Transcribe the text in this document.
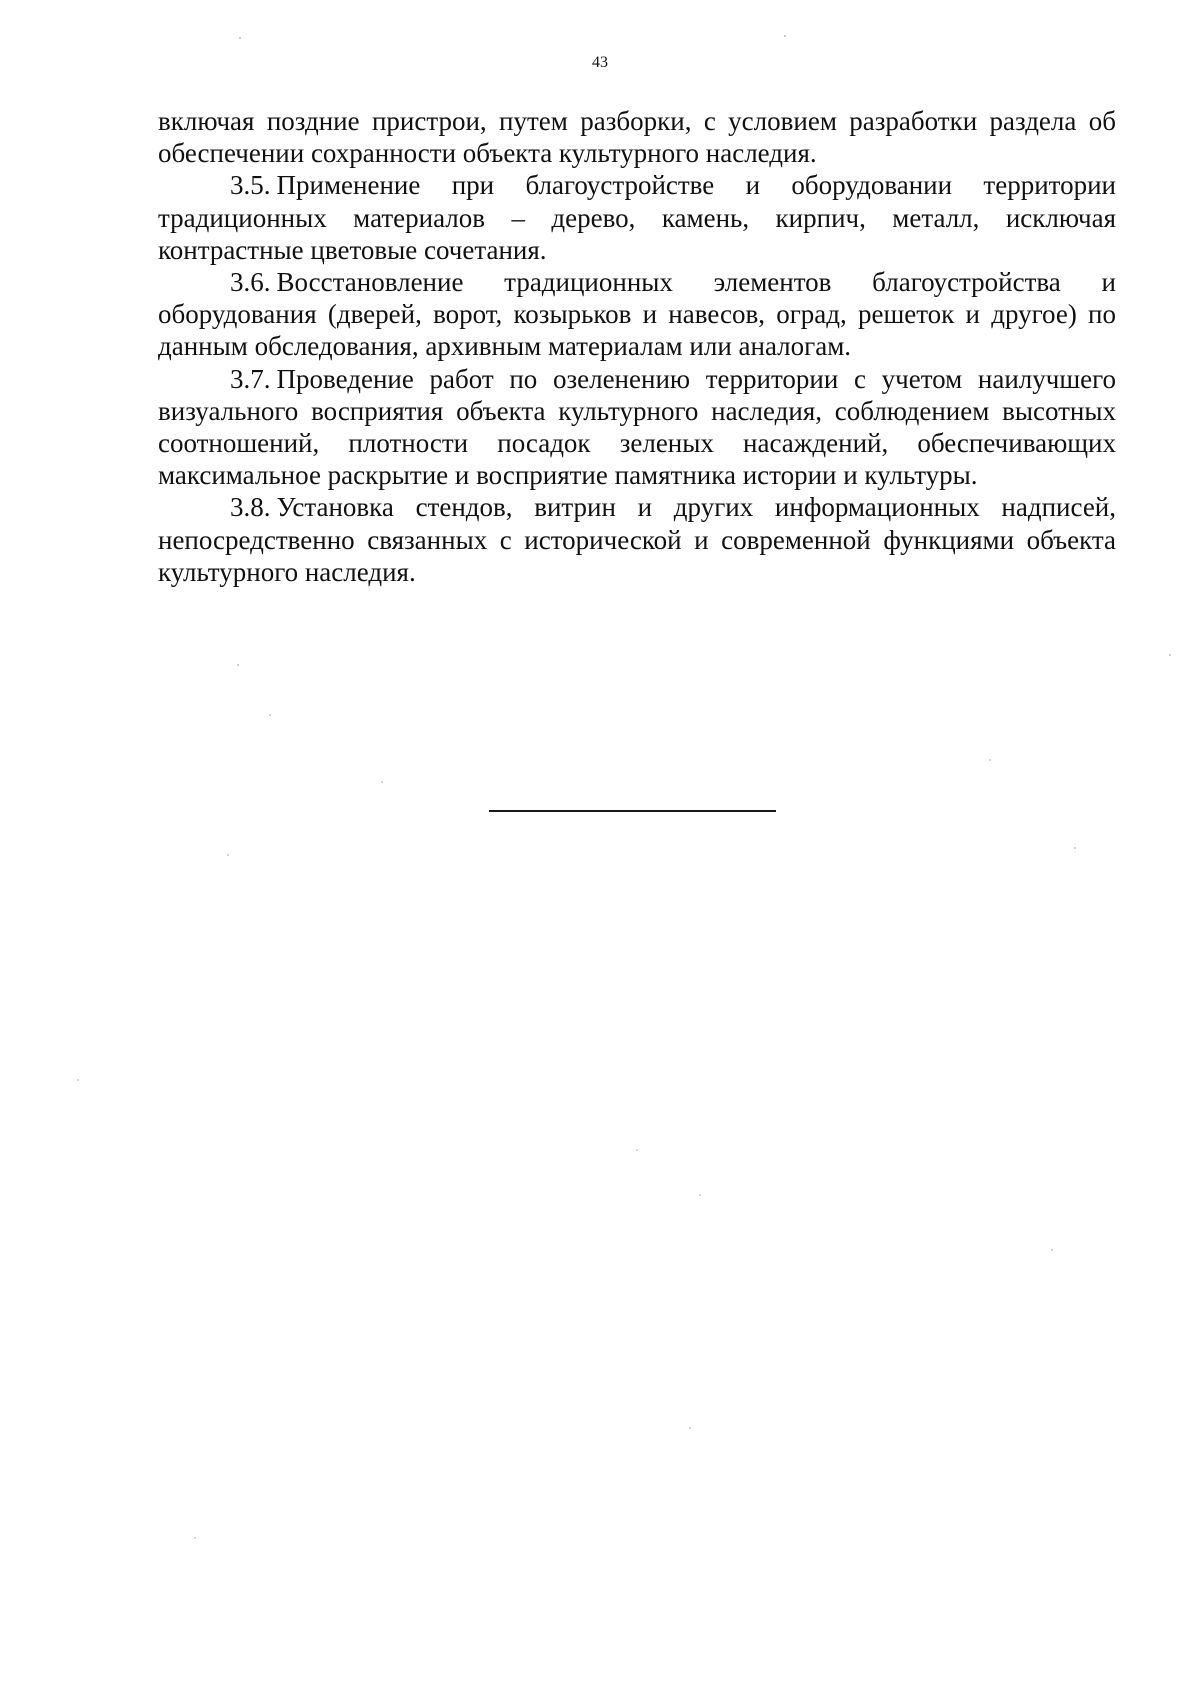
43

включая поздние пристрои, путем разборки, с условием разработки раздела об обеспечении сохранности объекта культурного наследия.

3.5. Применение при благоустройстве и оборудовании территории традиционных материалов – дерево, камень, кирпич, металл, исключая контрастные цветовые сочетания.

3.6. Восстановление традиционных элементов благоустройства и оборудования (дверей, ворот, козырьков и навесов, оград, решеток и другое) по данным обследования, архивным материалам или аналогам.

3.7. Проведение работ по озеленению территории с учетом наилучшего визуального восприятия объекта культурного наследия, соблюдением высотных соотношений, плотности посадок зеленых насаждений, обеспечивающих максимальное раскрытие и восприятие памятника истории и культуры.

3.8. Установка стендов, витрин и других информационных надписей, непосредственно связанных с исторической и современной функциями объекта культурного наследия.
